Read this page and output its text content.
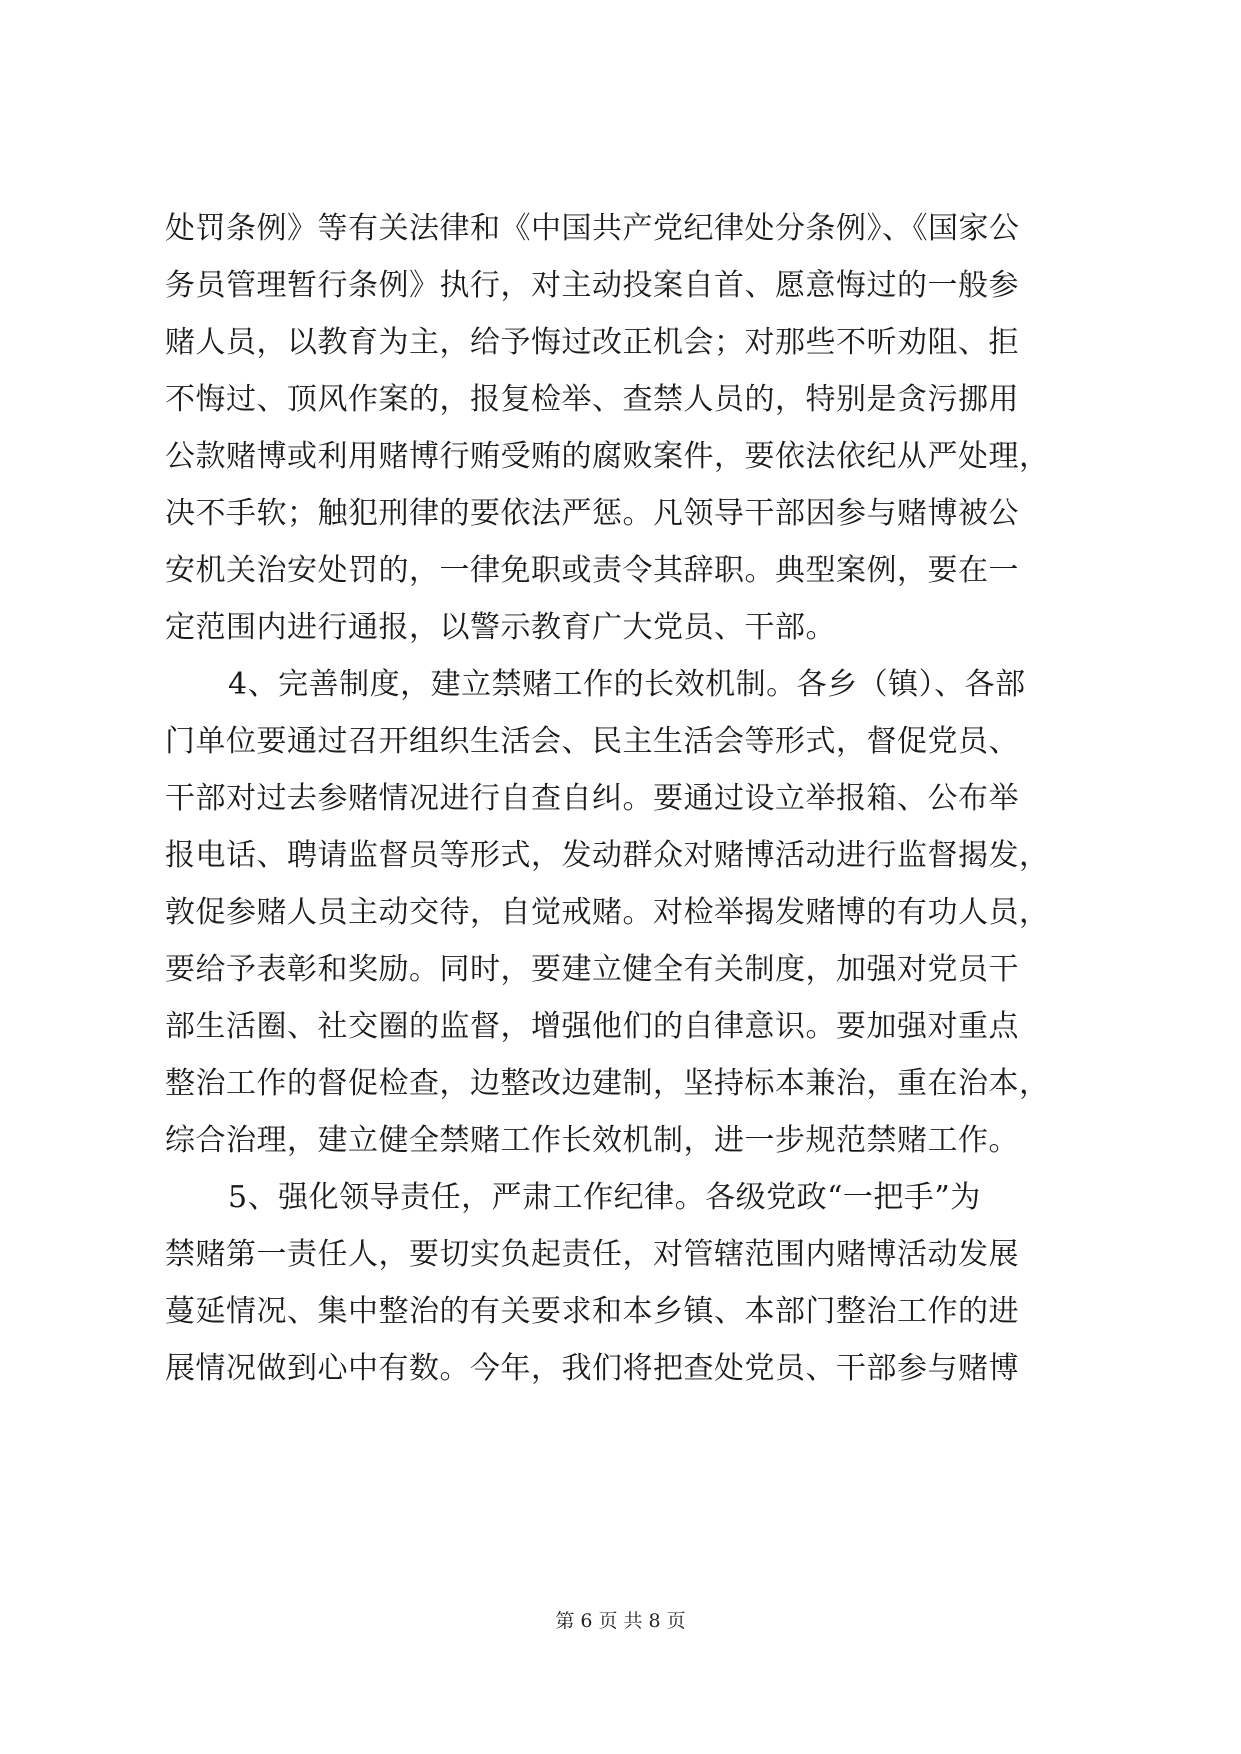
处罚条例》等有关法律和《中国共产党纪律处分条例》、《国家公
务员管理暂行条例》执行，对主动投案自首、愿意悔过的一般参
赌人员，以教育为主，给予悔过改正机会；对那些不听劝阻、拒
不悔过、顶风作案的，报复检举、查禁人员的，特别是贪污挪用
公款赌博或利用赌博行贿受贿的腐败案件，要依法依纪从严处理，
决不手软；触犯刑律的要依法严惩。凡领导干部因参与赌博被公
安机关治安处罚的，一律免职或责令其辞职。典型案例，要在一
定范围内进行通报，以警示教育广大党员、干部。
4、完善制度，建立禁赌工作的长效机制。各乡（镇）、各部
门单位要通过召开组织生活会、民主生活会等形式，督促党员、
干部对过去参赌情况进行自查自纠。要通过设立举报箱、公布举
报电话、聘请监督员等形式，发动群众对赌博活动进行监督揭发，
敦促参赌人员主动交待，自觉戒赌。对检举揭发赌博的有功人员，
要给予表彰和奖励。同时，要建立健全有关制度，加强对党员干
部生活圈、社交圈的监督，增强他们的自律意识。要加强对重点
整治工作的督促检查，边整改边建制，坚持标本兼治，重在治本，
综合治理，建立健全禁赌工作长效机制，进一步规范禁赌工作。
5、强化领导责任，严肃工作纪律。各级党政“一把手”为
禁赌第一责任人，要切实负起责任，对管辖范围内赌博活动发展
蔓延情况、集中整治的有关要求和本乡镇、本部门整治工作的进
展情况做到心中有数。今年，我们将把查处党员、干部参与赌博
第 6 页 共 8 页
